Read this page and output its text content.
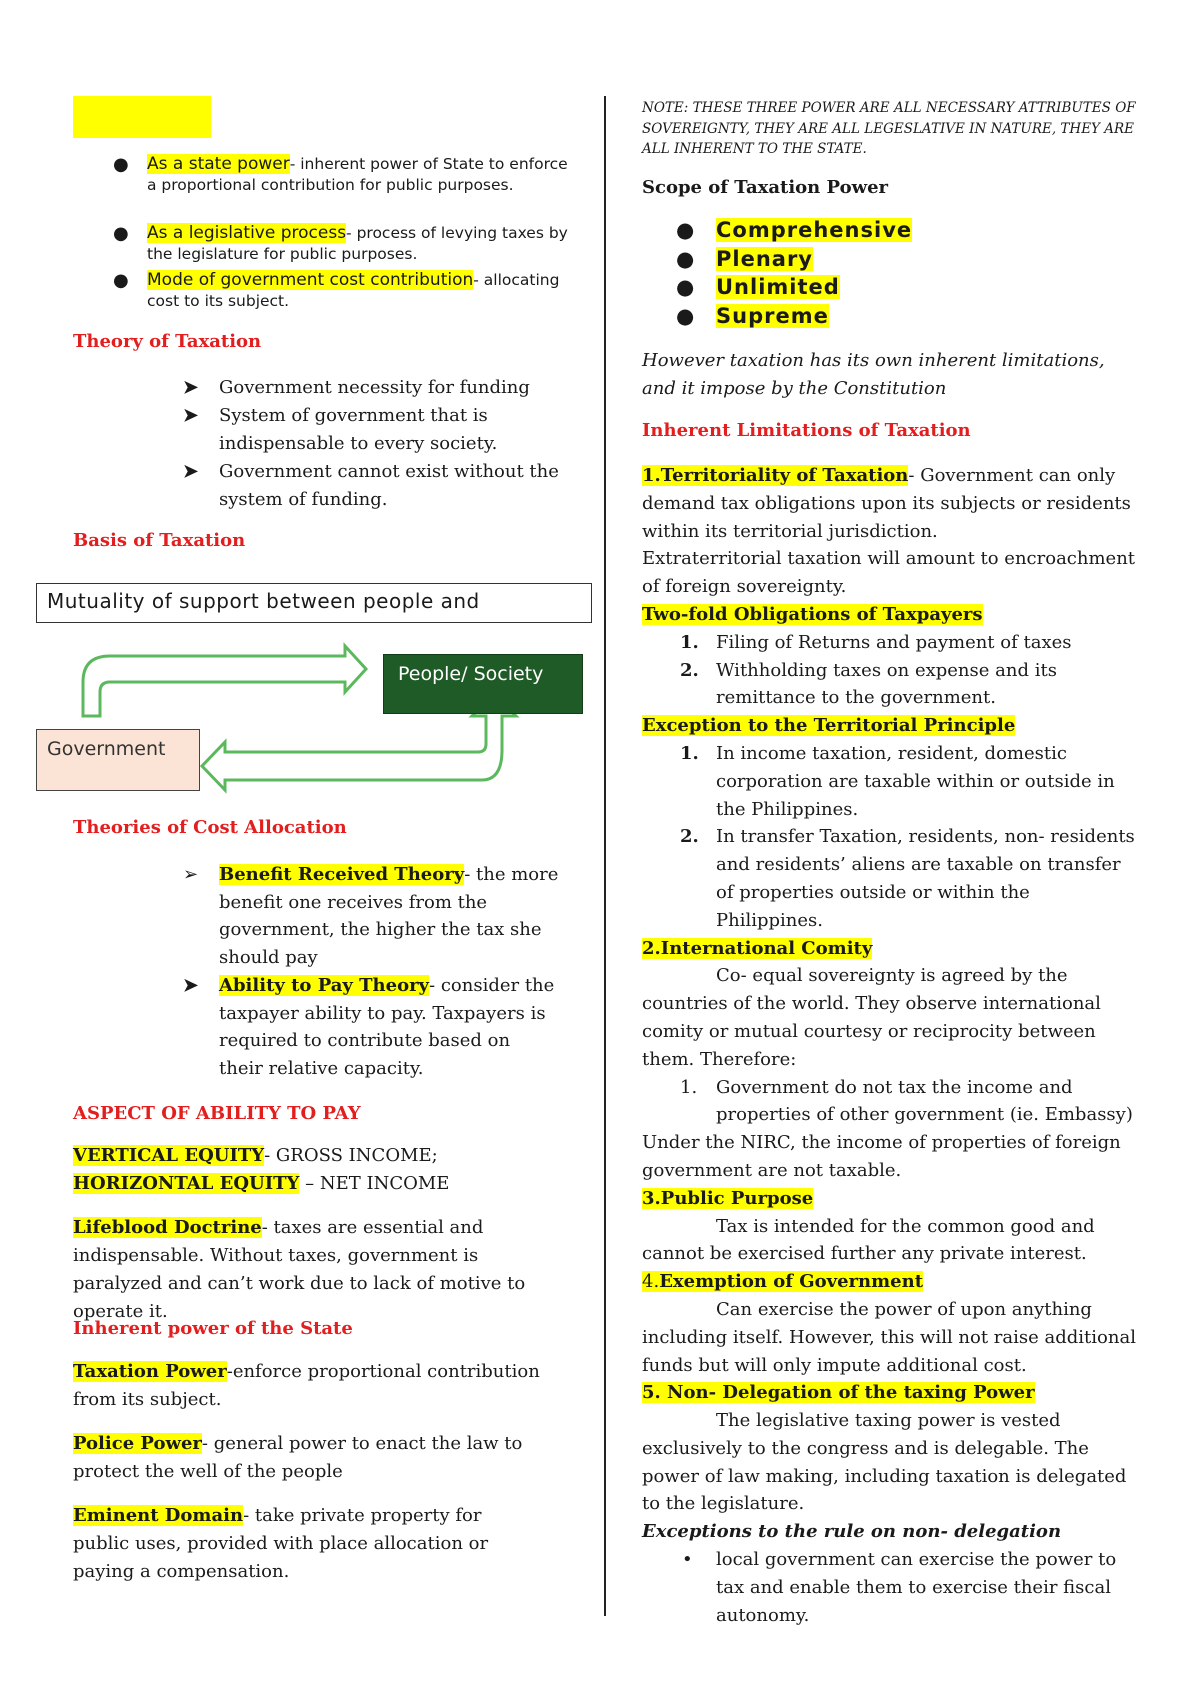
● As a state power- inherent power of State to enforce a proportional contribution for public purposes.
● As a legislative process- process of levying taxes by the legislature for public purposes.
● Mode of government cost contribution- allocating cost to its subject.
Theory of Taxation
➤ Government necessity for funding
➤ System of government that is indispensable to every society.
➤ Government cannot exist without the system of funding.
Basis of Taxation
Mutuality of support between people and
People/ Society
Government
Theories of Cost Allocation
➢ Benefit Received Theory- the more benefit one receives from the government, the higher the tax she should pay
➤ Ability to Pay Theory- consider the taxpayer ability to pay. Taxpayers is required to contribute based on their relative capacity.
ASPECT OF ABILITY TO PAY
VERTICAL EQUITY- GROSS INCOME;
HORIZONTAL EQUITY – NET INCOME
Lifeblood Doctrine- taxes are essential and indispensable. Without taxes, government is paralyzed and can’t work due to lack of motive to operate it.
Inherent power of the State
Taxation Power-enforce proportional contribution from its subject.
Police Power- general power to enact the law to protect the well of the people
Eminent Domain- take private property for public uses, provided with place allocation or paying a compensation.
NOTE: THESE THREE POWER ARE ALL NECESSARY ATTRIBUTES OF SOVEREIGNTY, THEY ARE ALL LEGESLATIVE IN NATURE, THEY ARE ALL INHERENT TO THE STATE.
Scope of Taxation Power
● Comprehensive
● Plenary
● Unlimited
● Supreme
However taxation has its own inherent limitations, and it impose by the Constitution
Inherent Limitations of Taxation
1.Territoriality of Taxation- Government can only demand tax obligations upon its subjects or residents within its territorial jurisdiction.
Extraterritorial taxation will amount to encroachment of foreign sovereignty.
Two-fold Obligations of Taxpayers
1. Filing of Returns and payment of taxes
2. Withholding taxes on expense and its remittance to the government.
Exception to the Territorial Principle
1. In income taxation, resident, domestic corporation are taxable within or outside in the Philippines.
2. In transfer Taxation, residents, non- residents and residents’ aliens are taxable on transfer of properties outside or within the Philippines.
2.International Comity
Co- equal sovereignty is agreed by the countries of the world. They observe international comity or mutual courtesy or reciprocity between them. Therefore:
1. Government do not tax the income and properties of other government (ie. Embassy)
Under the NIRC, the income of properties of foreign government are not taxable.
3.Public Purpose
Tax is intended for the common good and cannot be exercised further any private interest.
4.Exemption of Government
Can exercise the power of upon anything including itself. However, this will not raise additional funds but will only impute additional cost.
5. Non- Delegation of the taxing Power
The legislative taxing power is vested exclusively to the congress and is delegable. The power of law making, including taxation is delegated to the legislature.
Exceptions to the rule on non- delegation
• local government can exercise the power to tax and enable them to exercise their fiscal autonomy.
